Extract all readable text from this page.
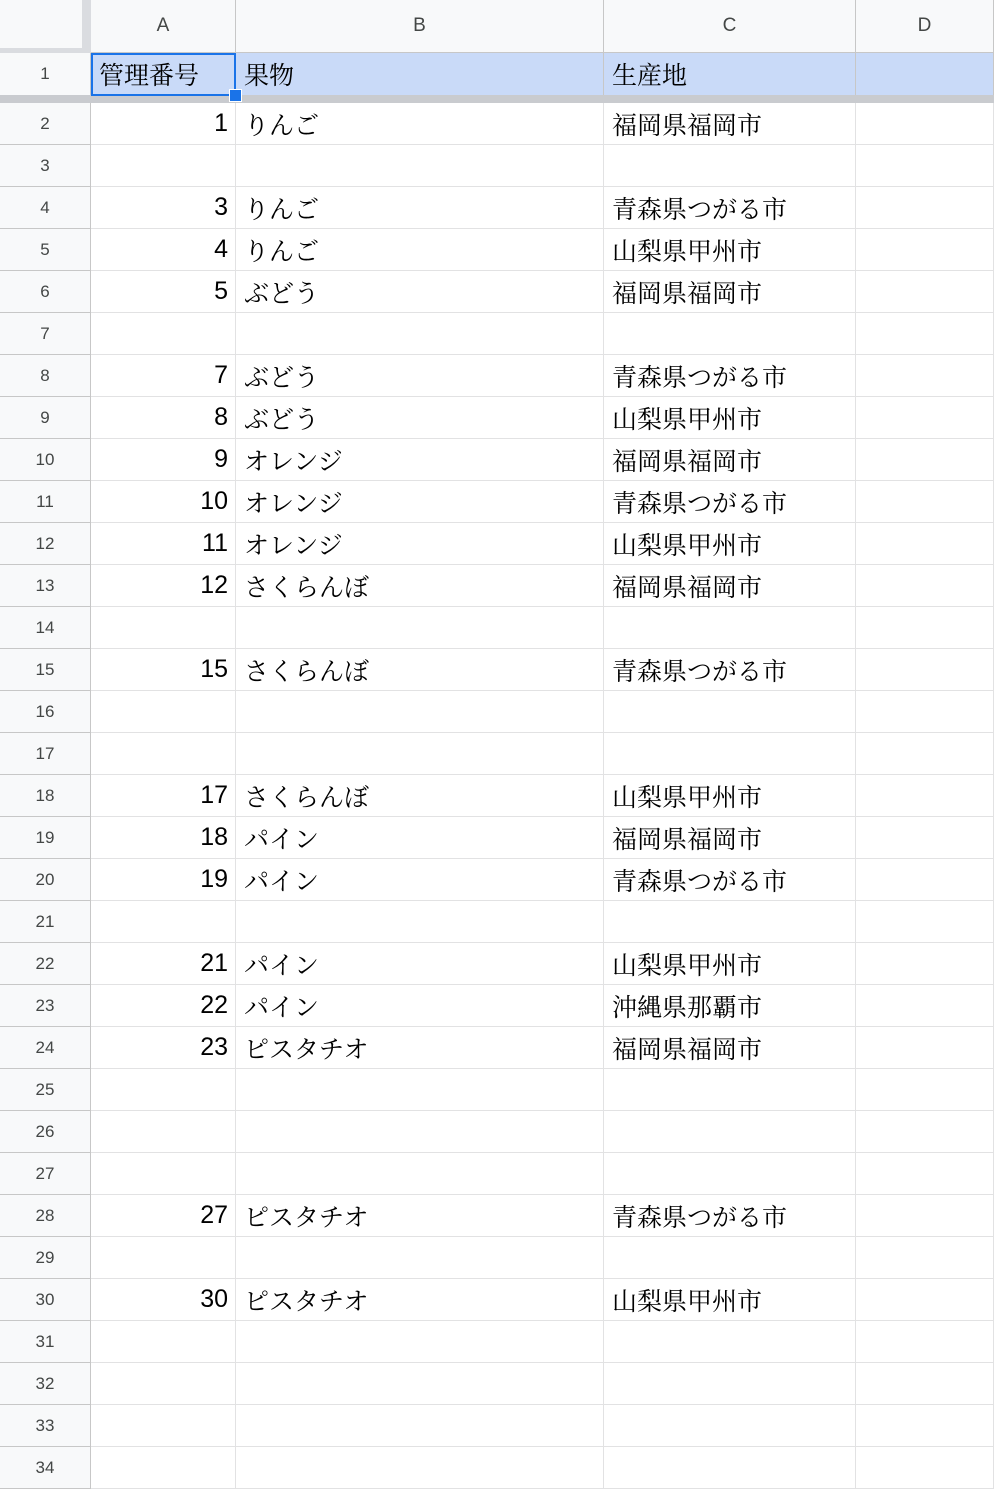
A	B	C	D
1	管理番号	果物	生産地
2	1 りんご	福岡県福岡市
3
4	3 りんご	青森県つがる市
5	4 りんご	山梨県甲州市
6	5 ぶどう	福岡県福岡市
7
8	7 ぶどう	青森県つがる市
9	8 ぶどう	山梨県甲州市
10	9 オレンジ	福岡県福岡市
11	10 オレンジ	青森県つがる市
12	11 オレンジ	山梨県甲州市
13	12 さくらんぼ	福岡県福岡市
14
15	15 さくらんぼ	青森県つがる市
16
17
18	17 さくらんぼ	山梨県甲州市
19	18 パイン	福岡県福岡市
20	19 パイン	青森県つがる市
21
22	21 パイン	山梨県甲州市
23	22 パイン	沖縄県那覇市
24	23 ピスタチオ	福岡県福岡市
25
26
27
28	27 ピスタチオ	青森県つがる市
29
30	30 ピスタチオ	山梨県甲州市
31
32
33
34
